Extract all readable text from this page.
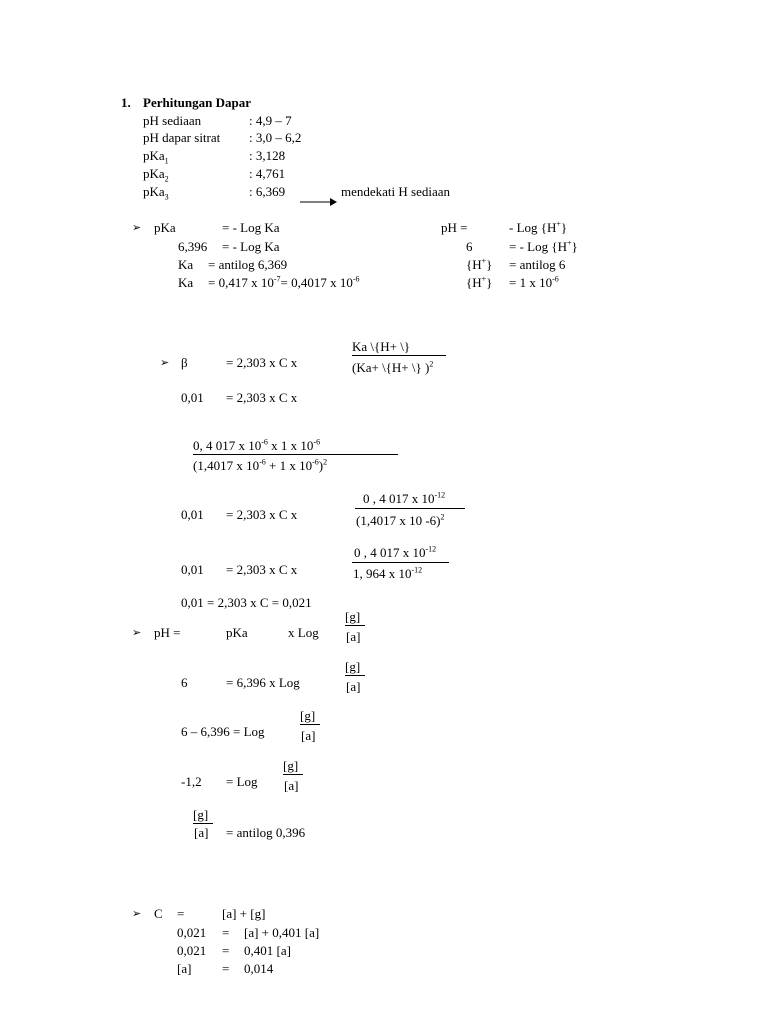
1. Perhitungan Dapar
pH sediaan	: 4,9 – 7
pH dapar sitrat : 3,0 – 6,2
pKa$_1$	: 3,128
pKa$_2$	: 4,761
pKa$_3$	: 6,369	mendekati H sediaan
➢ pKa	= - Log Ka
6,396 = - Log Ka
Ka = antilog 6,369
Ka = 0,417 x $10^{-7}= 0,4017$ x $10^{-6}$
pH =	- Log {H+}
6	= - Log {H+}
{H+} = antilog 6
{H+} = 1 x $10^{-6}$
➢ β	= 2,303 x C x
Ka \{H+ \}
(Ka+ \{H+ \} )$^2$
0,01 = 2,303 x C x
0, 4 017 x $10^{-6}$ x 1 x $10^{-6}$
(1,4017 x $10^{-6} + 1$ x $10^{-6})^2$
0,01 = 2,303 x C x
0 , 4 017 x $10^{-12}$
(1,4017 x 10 -6)$^2$
0,01 = 2,303 x C x
0 , 4 017 x $10^{-12}$
1, 964 x $10^{-12}$
0,01 = 2,303 x C = 0,021
➢ pH =	pKa	x Log
[g]
[a]
6	= 6,396 x Log
[g]
[a]
6 – 6,396 = Log
[g]
[a]
-1,2 = Log
[g]
[a]
[g]
[a] = antilog 0,396
➢ C =	[a] + [g]
0,021 = [a] + 0,401 [a]
0,021 = 0,401 [a]
[a] = 0,014
